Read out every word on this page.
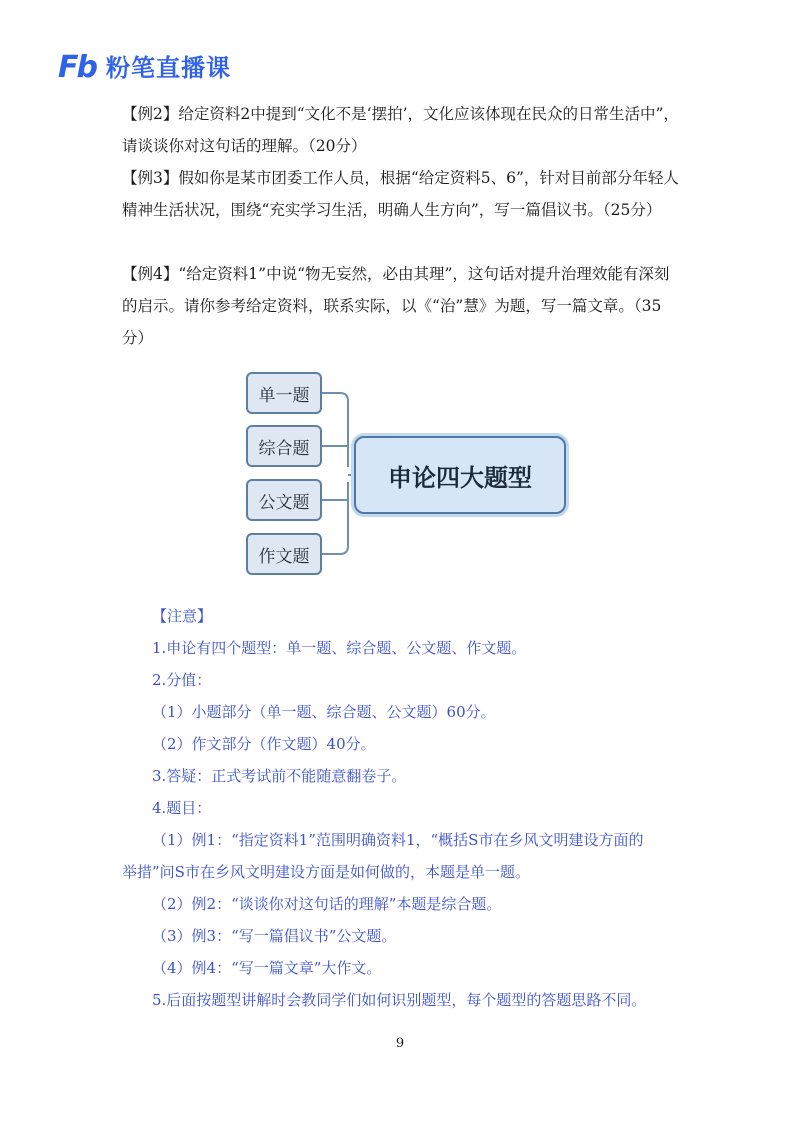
Fb 粉笔直播课

【例2】给定资料2中提到“文化不是‘摆拍’，文化应该体现在民众的日常生活中”，请谈谈你对这句话的理解。（20分）

【例3】假如你是某市团委工作人员，根据“给定资料5、6”，针对目前部分年轻人精神生活状况，围绕“充实学习生活，明确人生方向”，写一篇倡议书。（25分）

【例4】“给定资料1”中说“物无妄然，必由其理”，这句话对提升治理效能有深刻的启示。请你参考给定资料，联系实际，以《“治”慧》为题，写一篇文章。（35分）

单一题
综合题
公文题
作文题
申论四大题型

【注意】

1.申论有四个题型：单一题、综合题、公文题、作文题。

2.分值：

（1）小题部分（单一题、综合题、公文题）60分。

（2）作文部分（作文题）40分。

3.答疑：正式考试前不能随意翻卷子。

4.题目：

（1）例1：“指定资料1”范围明确资料1，“概括S市在乡风文明建设方面的举措”问S市在乡风文明建设方面是如何做的，本题是单一题。

（2）例2：“谈谈你对这句话的理解”本题是综合题。

（3）例3：“写一篇倡议书”公文题。

（4）例4：“写一篇文章”大作文。

5.后面按题型讲解时会教同学们如何识别题型，每个题型的答题思路不同。

9
